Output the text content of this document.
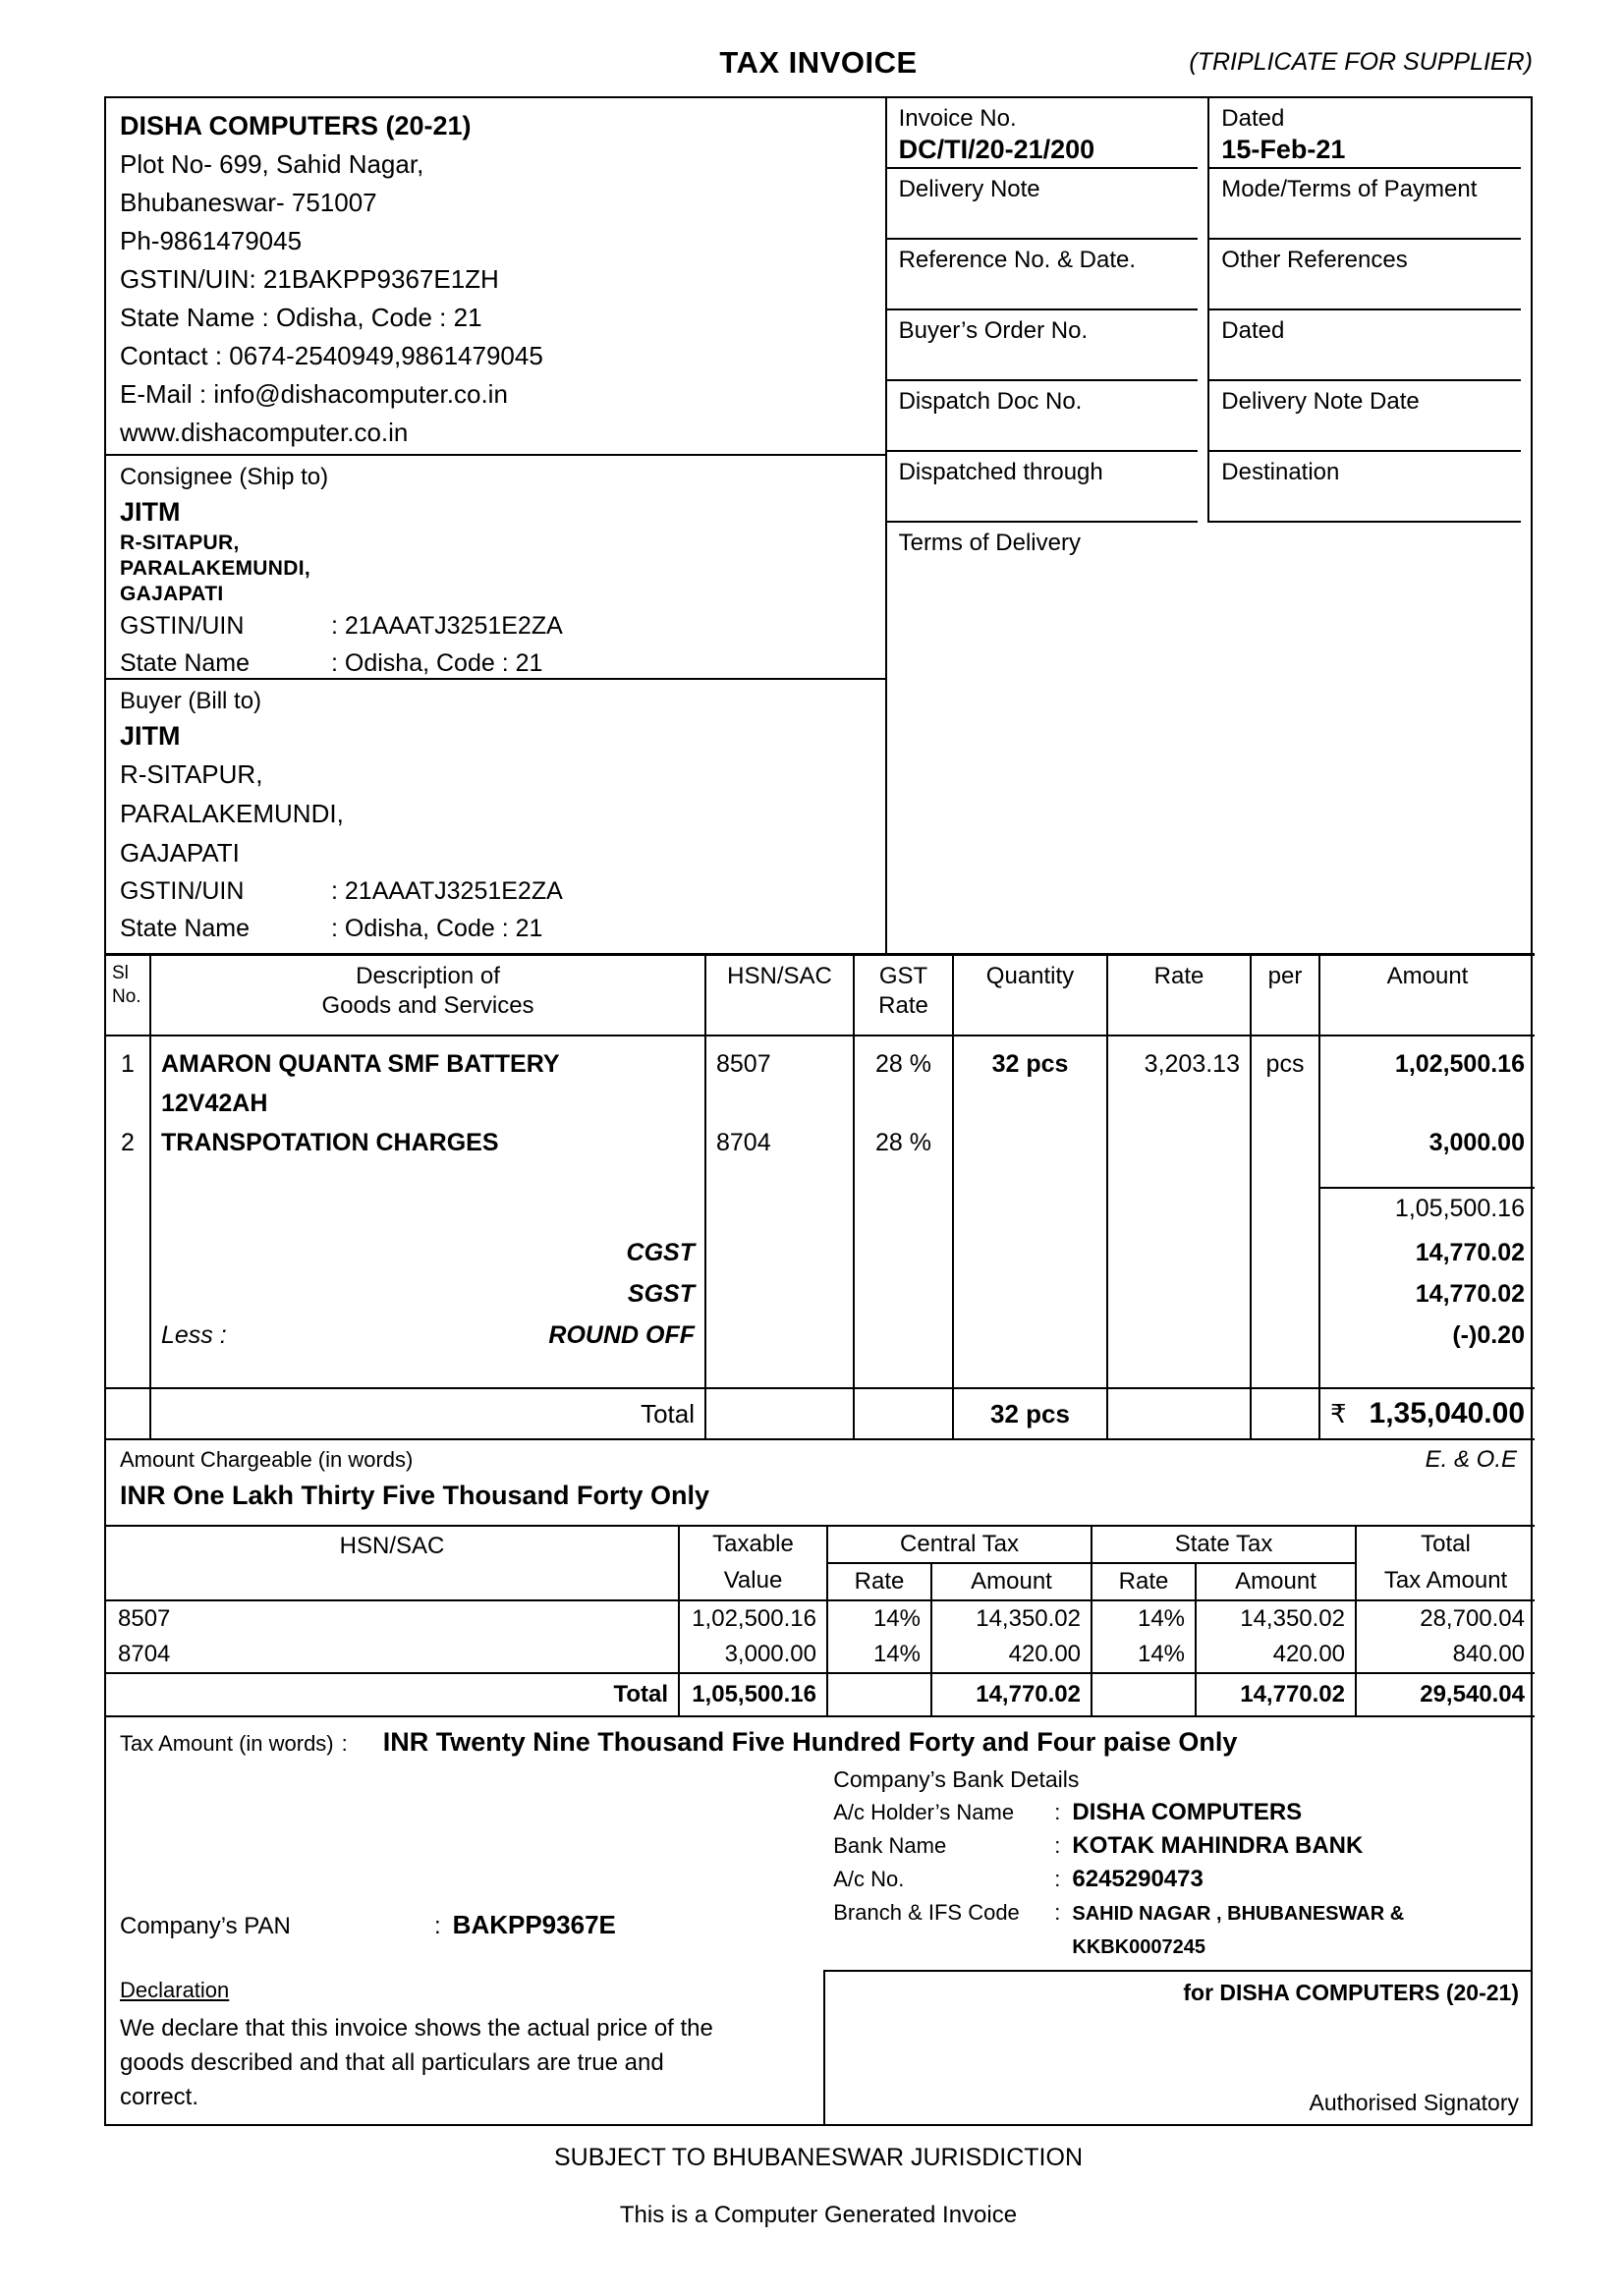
TAX INVOICE	(TRIPLICATE FOR SUPPLIER)
DISHA COMPUTERS (20-21)
Plot No- 699, Sahid Nagar,
Bhubaneswar- 751007
Ph-9861479045
GSTIN/UIN: 21BAKPP9367E1ZH
State Name : Odisha, Code : 21
Contact : 0674-2540949,9861479045
E-Mail : info@dishacomputer.co.in
www.dishacomputer.co.in
Consignee (Ship to)
JITM
R-SITAPUR,
PARALAKEMUNDI,
GAJAPATI
GSTIN/UIN	: 21AAATJ3251E2ZA
State Name	: Odisha, Code : 21
Buyer (Bill to)
JITM
R-SITAPUR,
PARALAKEMUNDI,
GAJAPATI
GSTIN/UIN	: 21AAATJ3251E2ZA
State Name	: Odisha, Code : 21
Invoice No.
DC/TI/20-21/200
Dated
15-Feb-21
Delivery Note	Mode/Terms of Payment
Reference No. & Date.	Other References
Buyer’s Order No.	Dated
Dispatch Doc No.	Delivery Note Date
Dispatched through	Destination
Terms of Delivery
Sl
No.

Description of
Goods and Services
	HSN/SAC	GST
Rate
	Quantity	Rate	per	Amount
1	AMARON QUANTA SMF BATTERY	8507	28 %	32 pcs	3,203.13	pcs	1,02,500.16
	12V42AH						
2	TRANSPOTATION CHARGES	8704	28 %				3,000.00

							1,05,500.16
	CGST						14,770.02
	SGST						14,770.02

	Less : ROUND OFF						(-)0.20

	Total			32 pcs			₹ 1,35,040.00
Amount Chargeable (in words)	E. & O.E
INR One Lakh Thirty Five Thousand Forty Only
HSN/SAC	Taxable	Central Tax		State Tax		Total
	Value	Rate	Amount	Rate	Amount	Tax Amount
8507	1,02,500.16	14%	14,350.02	14%	14,350.02	28,700.04
8704	3,000.00	14%	420.00	14%	420.00	840.00
Total	1,05,500.16		14,770.02		14,770.02	29,540.04
Tax Amount (in words) : INR Twenty Nine Thousand Five Hundred Forty and Four paise Only
Company’s PAN	: BAKPP9367E
Company’s Bank Details
A/c Holder’s Name	: DISHA COMPUTERS
Bank Name	: KOTAK MAHINDRA BANK
A/c No.	: 6245290473
Branch & IFS Code	: SAHID NAGAR , BHUBANESWAR & KKBK0007245
Declaration
We declare that this invoice shows the actual price of the goods described and that all particulars are true and correct.
for DISHA COMPUTERS (20-21)
Authorised Signatory
SUBJECT TO BHUBANESWAR JURISDICTION
This is a Computer Generated Invoice
